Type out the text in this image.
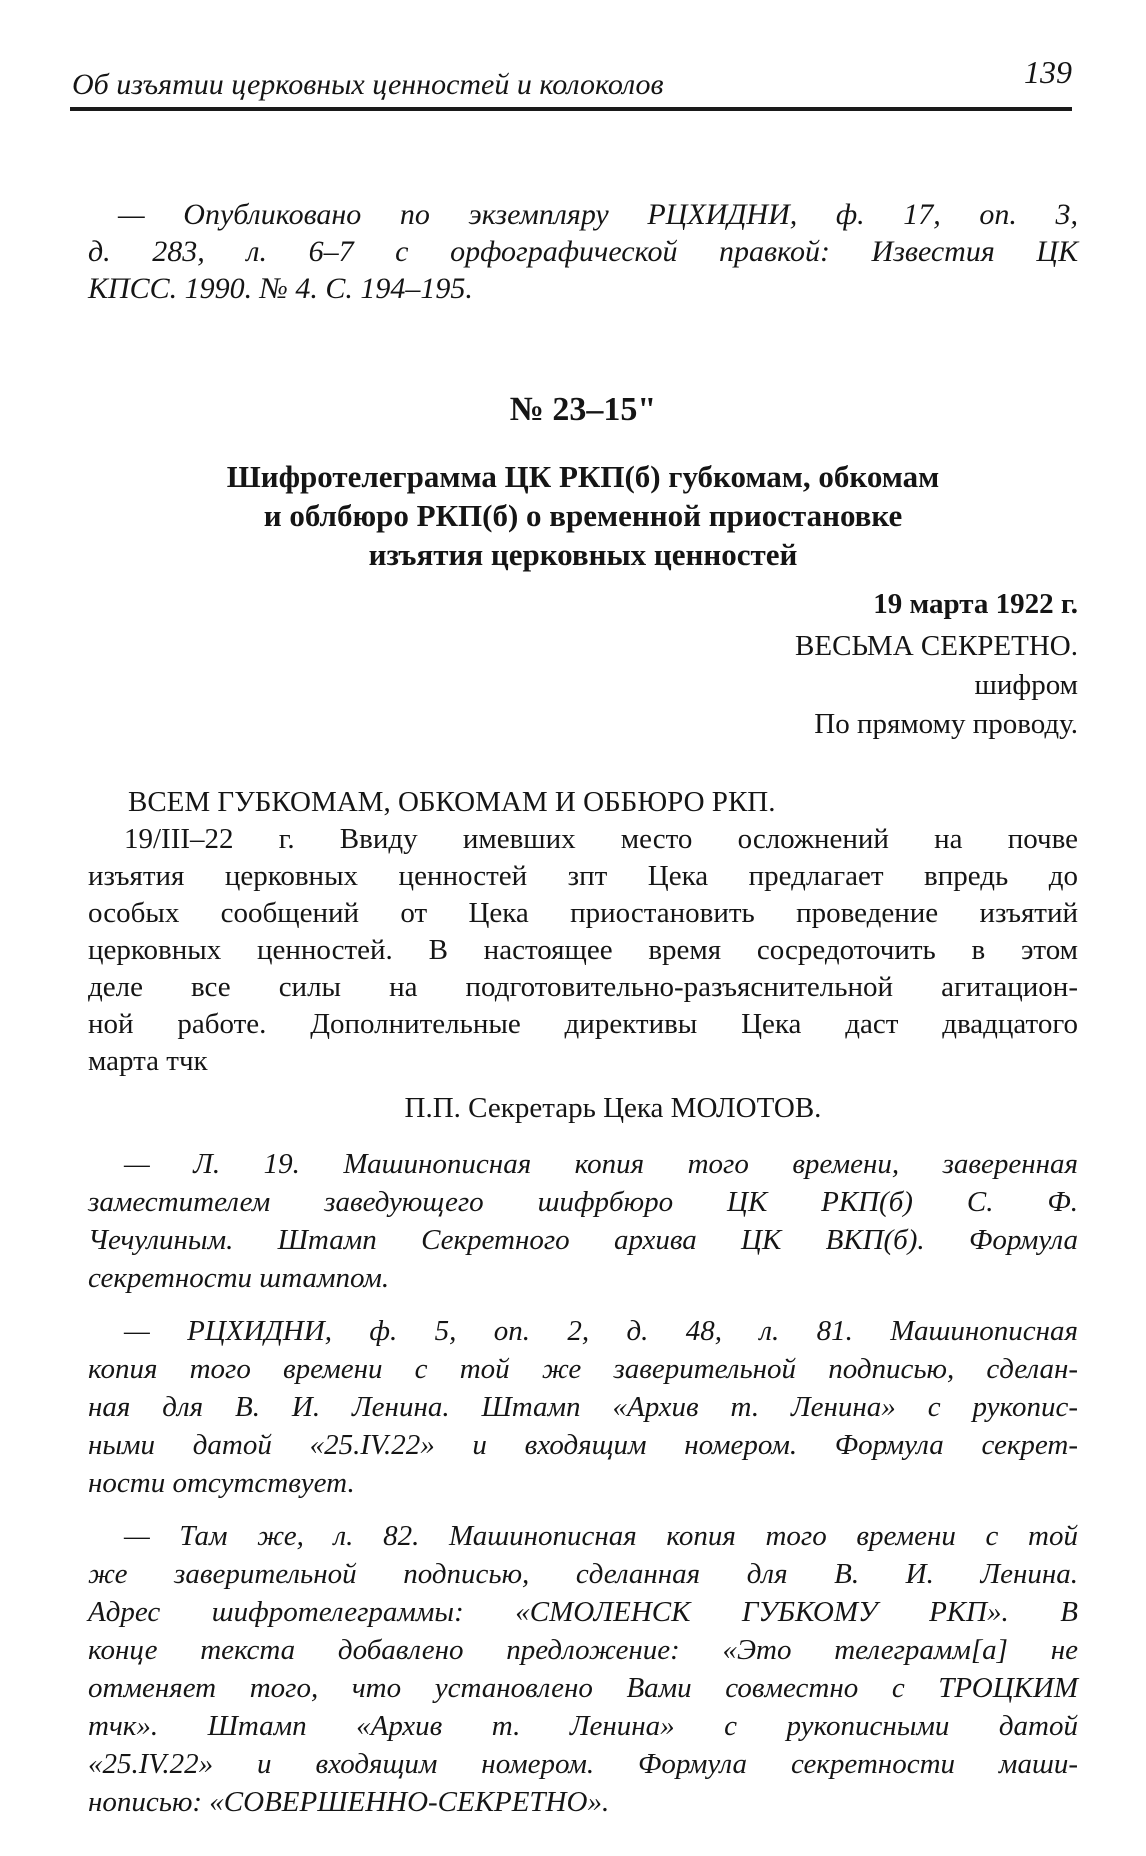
Об изъятии церковных ценностей и колоколов	139
— Опубликовано по экземпляру РЦХИДНИ, ф. 17, оп. 3,
д. 283, л. 6–7 с орфографической правкой: Известия ЦК
КПСС. 1990. № 4. С. 194–195.
№ 23–15"
Шифротелеграмма ЦК РКП(б) губкомам, обкомам
и облбюро РКП(б) о временной приостановке
изъятия церковных ценностей
19 марта 1922 г.
ВЕСЬМА СЕКРЕТНО.
шифром
По прямому проводу.
ВСЕМ ГУБКОМАМ, ОБКОМАМ И ОББЮРО РКП.
19/III–22 г. Ввиду имевших место осложнений на почве
изъятия церковных ценностей зпт Цека предлагает впредь до
особых сообщений от Цека приостановить проведение изъятий
церковных ценностей. В настоящее время сосредоточить в этом
деле все силы на подготовительно-разъяснительной агитацион-
ной работе. Дополнительные директивы Цека даст двадцатого
марта тчк
П.П. Секретарь Цека МОЛОТОВ.
— Л. 19. Машинописная копия того времени, заверенная
заместителем заведующего шифрбюро ЦК РКП(б) С. Ф.
Чечулиным. Штамп Секретного архива ЦК ВКП(б). Формула
секретности штампом.
— РЦХИДНИ, ф. 5, оп. 2, д. 48, л. 81. Машинописная
копия того времени с той же заверительной подписью, сделан-
ная для В. И. Ленина. Штамп «Архив т. Ленина» с рукопис-
ными датой «25.IV.22» и входящим номером. Формула секрет-
ности отсутствует.
— Там же, л. 82. Машинописная копия того времени с той
же заверительной подписью, сделанная для В. И. Ленина.
Адрес шифротелеграммы: «СМОЛЕНСК ГУБКОМУ РКП». В
конце текста добавлено предложение: «Это телеграмм[а] не
отменяет того, что установлено Вами совместно с ТРОЦКИМ
тчк». Штамп «Архив т. Ленина» с рукописными датой
«25.IV.22» и входящим номером. Формула секретности маши-
нописью: «СОВЕРШЕННО-СЕКРЕТНО».
